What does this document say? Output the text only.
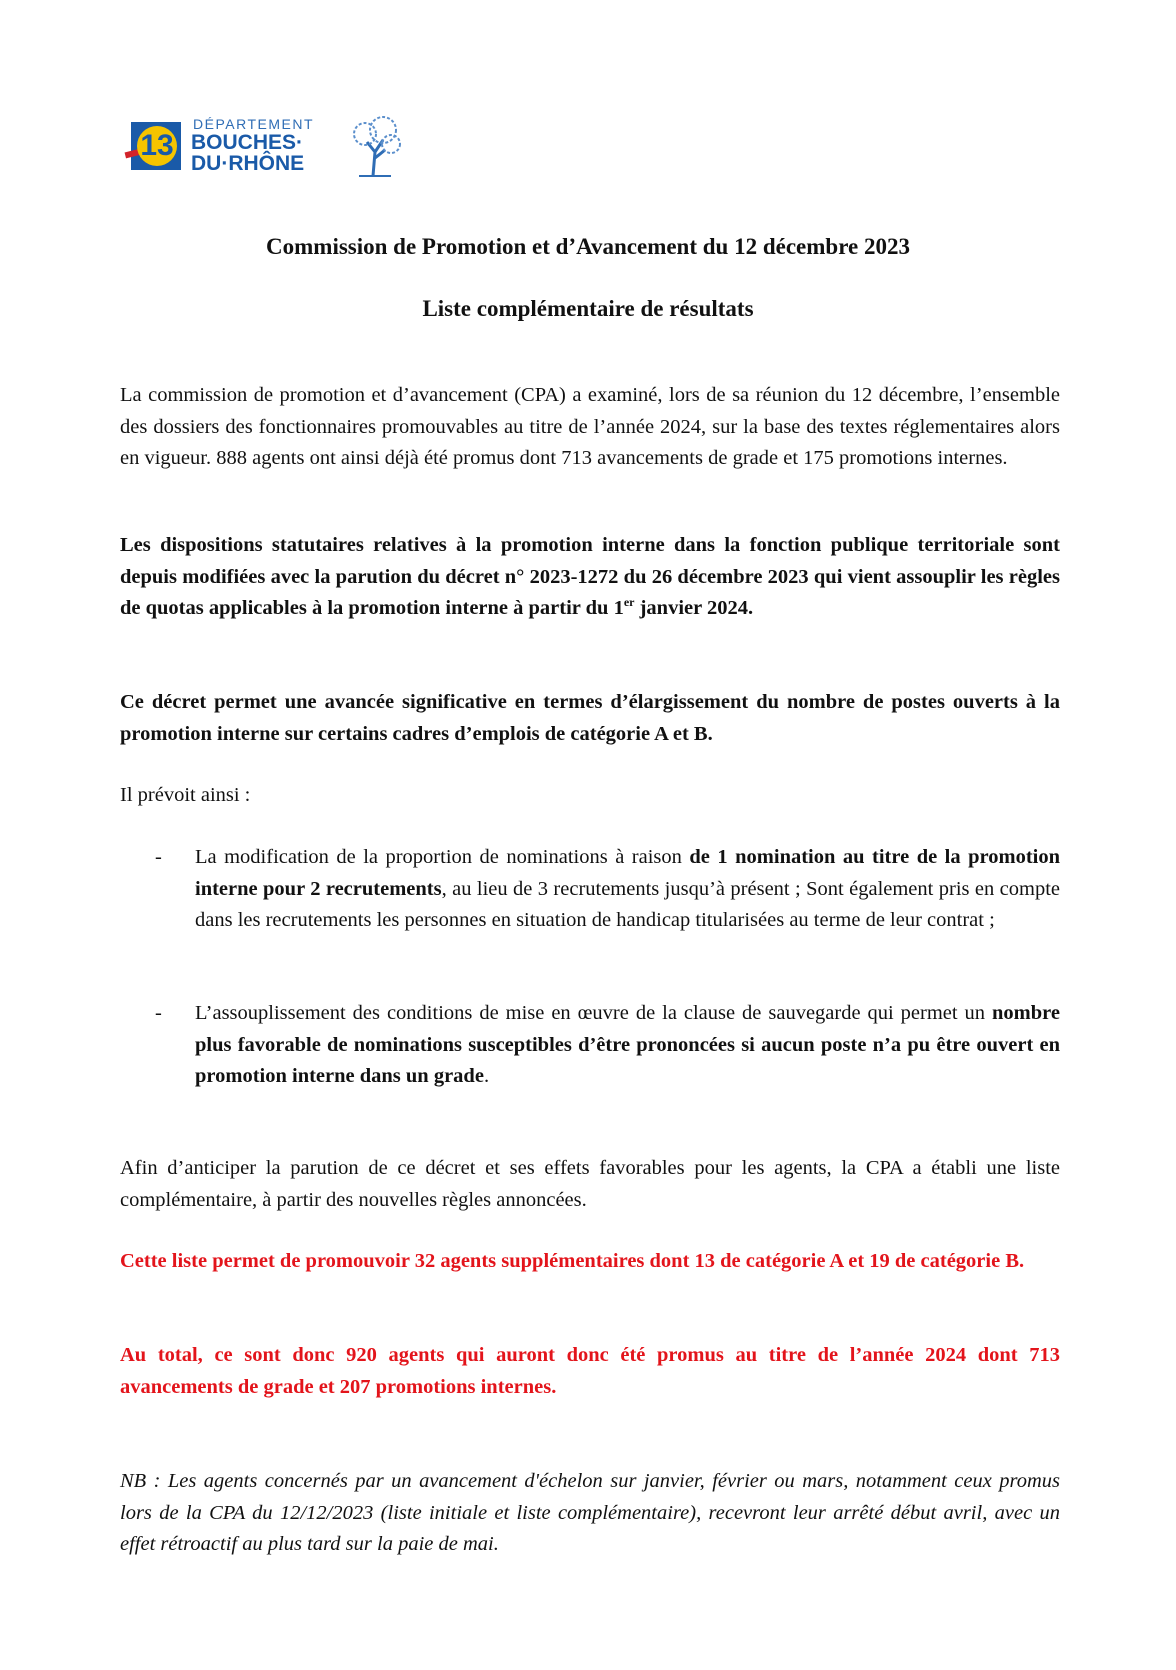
13
DÉPARTEMENT
BOUCHES·
DU·RHÔNE
Commission de Promotion et d’Avancement du 12 décembre 2023
Liste complémentaire de résultats
La commission de promotion et d’avancement (CPA) a examiné, lors de sa réunion du 12 décembre, l’ensemble des dossiers des fonctionnaires promouvables au titre de l’année 2024, sur la base des textes réglementaires alors en vigueur. 888 agents ont ainsi déjà été promus dont 713 avancements de grade et 175 promotions internes.
Les dispositions statutaires relatives à la promotion interne dans la fonction publique territoriale sont depuis modifiées avec la parution du décret n° 2023-1272 du 26 décembre 2023 qui vient assouplir les règles de quotas applicables à la promotion interne à partir du 1er janvier 2024.
Ce décret permet une avancée significative en termes d’élargissement du nombre de postes ouverts à la promotion interne sur certains cadres d’emplois de catégorie A et B.
Il prévoit ainsi :
- La modification de la proportion de nominations à raison de 1 nomination au titre de la promotion interne pour 2 recrutements, au lieu de 3 recrutements jusqu’à présent ; Sont également pris en compte dans les recrutements les personnes en situation de handicap titularisées au terme de leur contrat ;
- L’assouplissement des conditions de mise en œuvre de la clause de sauvegarde qui permet un nombre plus favorable de nominations susceptibles d’être prononcées si aucun poste n’a pu être ouvert en promotion interne dans un grade.
Afin d’anticiper la parution de ce décret et ses effets favorables pour les agents, la CPA a établi une liste complémentaire, à partir des nouvelles règles annoncées.
Cette liste permet de promouvoir 32 agents supplémentaires dont 13 de catégorie A et 19 de catégorie B.
Au total, ce sont donc 920 agents qui auront donc été promus au titre de l’année 2024 dont 713 avancements de grade et 207 promotions internes.
NB : Les agents concernés par un avancement d'échelon sur janvier, février ou mars, notamment ceux promus lors de la CPA du 12/12/2023 (liste initiale et liste complémentaire), recevront leur arrêté début avril, avec un effet rétroactif au plus tard sur la paie de mai.
